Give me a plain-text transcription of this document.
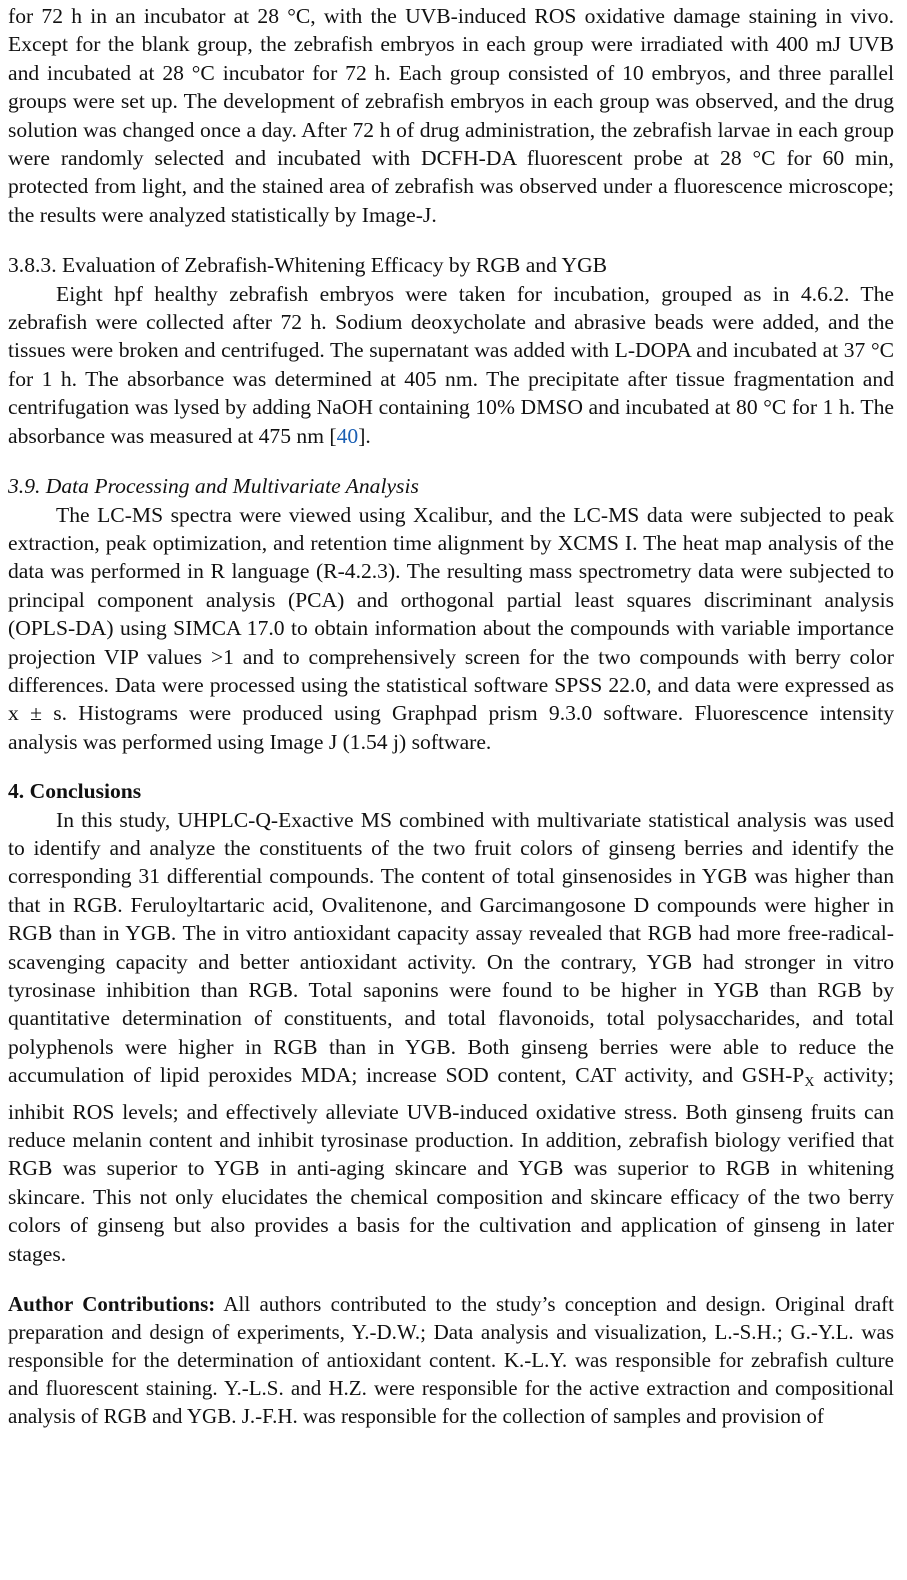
for 72 h in an incubator at 28 °C, with the UVB-induced ROS oxidative damage staining in vivo. Except for the blank group, the zebrafish embryos in each group were irradiated with 400 mJ UVB and incubated at 28 °C incubator for 72 h. Each group consisted of 10 embryos, and three parallel groups were set up. The development of zebrafish embryos in each group was observed, and the drug solution was changed once a day. After 72 h of drug administration, the zebrafish larvae in each group were randomly selected and incubated with DCFH-DA fluorescent probe at 28 °C for 60 min, protected from light, and the stained area of zebrafish was observed under a fluorescence microscope; the results were analyzed statistically by Image-J.

3.8.3. Evaluation of Zebrafish-Whitening Efficacy by RGB and YGB

Eight hpf healthy zebrafish embryos were taken for incubation, grouped as in 4.6.2. The zebrafish were collected after 72 h. Sodium deoxycholate and abrasive beads were added, and the tissues were broken and centrifuged. The supernatant was added with L-DOPA and incubated at 37 °C for 1 h. The absorbance was determined at 405 nm. The precipitate after tissue fragmentation and centrifugation was lysed by adding NaOH containing 10% DMSO and incubated at 80 °C for 1 h. The absorbance was measured at 475 nm [40].

3.9. Data Processing and Multivariate Analysis

The LC-MS spectra were viewed using Xcalibur, and the LC-MS data were subjected to peak extraction, peak optimization, and retention time alignment by XCMS I. The heat map analysis of the data was performed in R language (R-4.2.3). The resulting mass spectrometry data were subjected to principal component analysis (PCA) and orthogonal partial least squares discriminant analysis (OPLS-DA) using SIMCA 17.0 to obtain information about the compounds with variable importance projection VIP values >1 and to comprehensively screen for the two compounds with berry color differences. Data were processed using the statistical software SPSS 22.0, and data were expressed as x ± s. Histograms were produced using Graphpad prism 9.3.0 software. Fluorescence intensity analysis was performed using Image J (1.54 j) software.

4. Conclusions

In this study, UHPLC-Q-Exactive MS combined with multivariate statistical analysis was used to identify and analyze the constituents of the two fruit colors of ginseng berries and identify the corresponding 31 differential compounds. The content of total ginsenosides in YGB was higher than that in RGB. Feruloyltartaric acid, Ovalitenone, and Garcimangosone D compounds were higher in RGB than in YGB. The in vitro antioxidant capacity assay revealed that RGB had more free-radical-scavenging capacity and better antioxidant activity. On the contrary, YGB had stronger in vitro tyrosinase inhibition than RGB. Total saponins were found to be higher in YGB than RGB by quantitative determination of constituents, and total flavonoids, total polysaccharides, and total polyphenols were higher in RGB than in YGB. Both ginseng berries were able to reduce the accumulation of lipid peroxides MDA; increase SOD content, CAT activity, and GSH-$P_X$ activity; inhibit ROS levels; and effectively alleviate UVB-induced oxidative stress. Both ginseng fruits can reduce melanin content and inhibit tyrosinase production. In addition, zebrafish biology verified that RGB was superior to YGB in anti-aging skincare and YGB was superior to RGB in whitening skincare. This not only elucidates the chemical composition and skincare efficacy of the two berry colors of ginseng but also provides a basis for the cultivation and application of ginseng in later stages.

Author Contributions: All authors contributed to the study’s conception and design. Original draft preparation and design of experiments, Y.-D.W.; Data analysis and visualization, L.-S.H.; G.-Y.L. was responsible for the determination of antioxidant content. K.-L.Y. was responsible for zebrafish culture and fluorescent staining. Y.-L.S. and H.Z. were responsible for the active extraction and compositional analysis of RGB and YGB. J.-F.H. was responsible for the collection of samples and provision of
